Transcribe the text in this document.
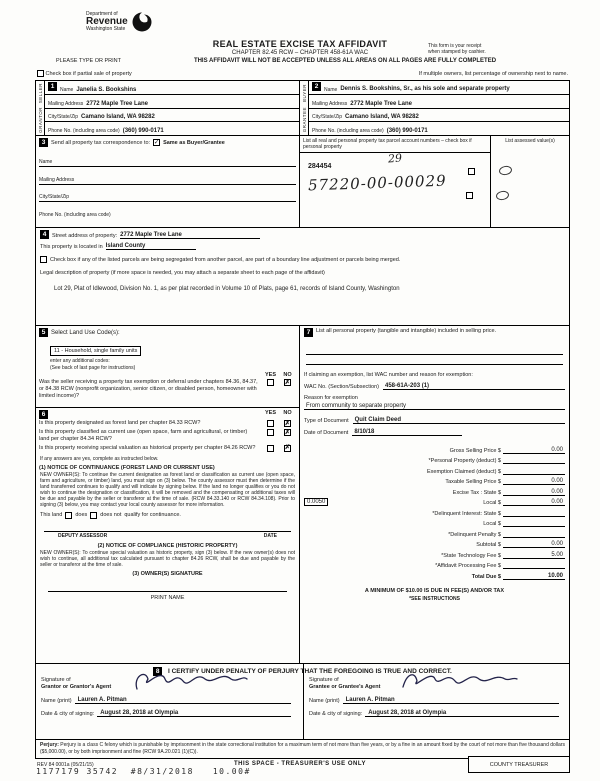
Department of
Revenue
Washington State
REAL ESTATE EXCISE TAX AFFIDAVIT
CHAPTER 82.45 RCW – CHAPTER 458-61A WAC
This form is your receipt
when stamped by cashier.
PLEASE TYPE OR PRINT	THIS AFFIDAVIT WILL NOT BE ACCEPTED UNLESS ALL AREAS ON ALL PAGES ARE FULLY COMPLETED
Check box if partial sale of property	If multiple owners, list percentage of ownership next to name.
SELLER
GRANTOR
1	Name Janelia S. Bookshins
Mailing Address 2772 Maple Tree Lane
City/State/Zip Camano Island, WA 98282
Phone No. (including area code) (360) 990-0171
BUYER
GRANTEE
2	Name Dennis S. Bookshins, Sr., as his sole and separate property
Mailing Address 2772 Maple Tree Lane
City/State/Zip Camano Island, WA 98282
Phone No. (including area code) (360) 990-0171
3	Send all property tax correspondence to: ✓ Same as Buyer/Grantee
Name
Mailing Address
City/State/Zip
Phone No. (including area code)
List all real and personal property tax parcel account numbers – check box if personal property
284454
29
57220-00-00029
List assessed value(s)
4	Street address of property: 2772 Maple Tree Lane
This property is located in Island County
Check box if any of the listed parcels are being segregated from another parcel, are part of a boundary line adjustment or parcels being merged.
Legal description of property (if more space is needed, you may attach a separate sheet to each page of the affidavit)
Lot 29, Plat of Idlewood, Division No. 1, as per plat recorded in Volume 10 of Plats, page 61, records of Island County, Washington
5 Select Land Use Code(s):
11 - Household, single family units
enter any additional codes:
(See back of last page for instructions)
YES	NO
Was the seller receiving a property tax exemption or deferral under chapters 84.36, 84.37, or 84.38 RCW (nonprofit organization, senior citizen, or disabled person, homeowner with limited income)?
✗
6	YES	NO
Is this property designated as forest land per chapter 84.33 RCW?	✗
Is this property classified as current use (open space, farm and agricultural, or timber) land per chapter 84.34 RCW?
✗
Is this property receiving special valuation as historical property per chapter 84.26 RCW?	✗
If any answers are yes, complete as instructed below.
(1) NOTICE OF CONTINUANCE (FOREST LAND OR CURRENT USE)
NEW OWNER(S): To continue the current designation as forest land or classification as current use (open space, farm and agriculture, or timber) land, you must sign on (3) below. The county assessor must then determine if the land transferred continues to qualify and will indicate by signing below. If the land no longer qualifies or you do not wish to continue the designation or classification, it will be removed and the compensating or additional taxes will be due and payable by the seller or transferor at the time of sale. (RCW 84.33.140 or RCW 84.34.108). Prior to signing (3) below, you may contact your local county assessor for more information.
This land does does not qualify for continuance.
DEPUTY ASSESSOR	DATE
(2) NOTICE OF COMPLIANCE (HISTORIC PROPERTY)
NEW OWNER(S): To continue special valuation as historic property, sign (3) below. If the new owner(s) does not wish to continue, all additional tax calculated pursuant to chapter 84.26 RCW, shall be due and payable by the seller or transferor at the time of sale.
(3) OWNER(S) SIGNATURE
PRINT NAME
7	List all personal property (tangible and intangible) included in selling price.
If claiming an exemption, list WAC number and reason for exemption:
WAC No. (Section/Subsection)	458-61A-203 (1)
Reason for exemption
From community to separate property
Type of Document	Quit Claim Deed
Date of Document	8/10/18
Gross Selling Price $	0.00
*Personal Property (deduct) $
Exemption Claimed (deduct) $
Taxable Selling Price $	0.00
Excise Tax : State $	0.00
0.0050	Local $	0.00
*Delinquent Interest: State $
Local $
*Delinquent Penalty $
Subtotal $	0.00
*State Technology Fee $	5.00
*Affidavit Processing Fee $
Total Due $	10.00
A MINIMUM OF $10.00 IS DUE IN FEE(S) AND/OR TAX
*SEE INSTRUCTIONS
8 I CERTIFY UNDER PENALTY OF PERJURY THAT THE FOREGOING IS TRUE AND CORRECT.
Signature of
Grantor or Grantor's Agent
Name (print)	Lauren A. Pitman
Date & city of signing:	August 28, 2018 at Olympia
Signature of
Grantee or Grantee's Agent
Name (print)	Lauren A. Pitman
Date & city of signing:	August 28, 2018 at Olympia
Perjury: Perjury is a class C felony which is punishable by imprisonment in the state correctional institution for a maximum term of not more than five years, or by a fine in an amount fixed by the court of not more than five thousand dollars ($5,000.00), or by both imprisonment and fine (RCW 9A.20.021 (1)(C)).
REV 84 0001a (05/21/15)	THIS SPACE - TREASURER'S USE ONLY	COUNTY TREASURER
1177179 35742  #8/31/2018   10.00#
